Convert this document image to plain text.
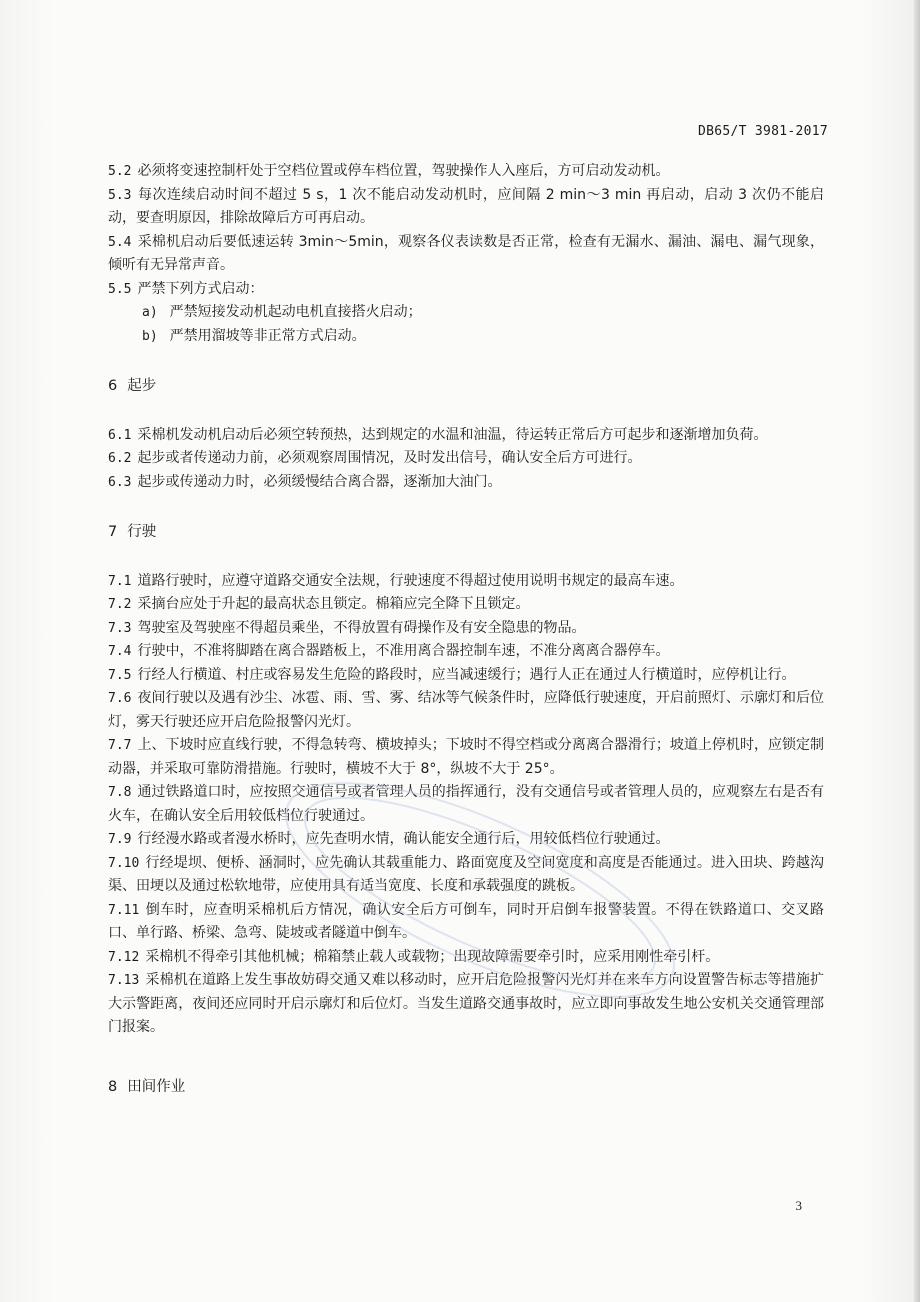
DB65/T 3981-2017

5.2 必须将变速控制杆处于空档位置或停车档位置，驾驶操作人入座后，方可启动发动机。

5.3 每次连续启动时间不超过 5 s，1 次不能启动发动机时，应间隔 2 min～3 min 再启动，启动 3 次仍不能启动，要查明原因，排除故障后方可再启动。

5.4 采棉机启动后要低速运转 3min～5min，观察各仪表读数是否正常，检查有无漏水、漏油、漏电、漏气现象，倾听有无异常声音。

5.5 严禁下列方式启动：

a) 严禁短接发动机起动电机直接搭火启动；

b) 严禁用溜坡等非正常方式启动。

6 起步

6.1 采棉机发动机启动后必须空转预热，达到规定的水温和油温，待运转正常后方可起步和逐渐增加负荷。

6.2 起步或者传递动力前，必须观察周围情况，及时发出信号，确认安全后方可进行。

6.3 起步或传递动力时，必须缓慢结合离合器，逐渐加大油门。

7 行驶

7.1 道路行驶时，应遵守道路交通安全法规，行驶速度不得超过使用说明书规定的最高车速。

7.2 采摘台应处于升起的最高状态且锁定。棉箱应完全降下且锁定。

7.3 驾驶室及驾驶座不得超员乘坐，不得放置有碍操作及有安全隐患的物品。

7.4 行驶中，不准将脚踏在离合器踏板上，不准用离合器控制车速，不准分离离合器停车。

7.5 行经人行横道、村庄或容易发生危险的路段时，应当减速缓行；遇行人正在通过人行横道时，应停机让行。

7.6 夜间行驶以及遇有沙尘、冰雹、雨、雪、雾、结冰等气候条件时，应降低行驶速度，开启前照灯、示廓灯和后位灯，雾天行驶还应开启危险报警闪光灯。

7.7 上、下坡时应直线行驶，不得急转弯、横坡掉头；下坡时不得空档或分离离合器滑行；坡道上停机时，应锁定制动器，并采取可靠防滑措施。行驶时，横坡不大于 8°，纵坡不大于 25°。

7.8 通过铁路道口时，应按照交通信号或者管理人员的指挥通行，没有交通信号或者管理人员的，应观察左右是否有火车，在确认安全后用较低档位行驶通过。

7.9 行经漫水路或者漫水桥时，应先查明水情，确认能安全通行后，用较低档位行驶通过。

7.10 行经堤坝、便桥、涵洞时，应先确认其载重能力、路面宽度及空间宽度和高度是否能通过。进入田块、跨越沟渠、田埂以及通过松软地带，应使用具有适当宽度、长度和承载强度的跳板。

7.11 倒车时，应查明采棉机后方情况，确认安全后方可倒车，同时开启倒车报警装置。不得在铁路道口、交叉路口、单行路、桥梁、急弯、陡坡或者隧道中倒车。

7.12 采棉机不得牵引其他机械；棉箱禁止载人或载物；出现故障需要牵引时，应采用刚性牵引杆。

7.13 采棉机在道路上发生事故妨碍交通又难以移动时，应开启危险报警闪光灯并在来车方向设置警告标志等措施扩大示警距离，夜间还应同时开启示廓灯和后位灯。当发生道路交通事故时，应立即向事故发生地公安机关交通管理部门报案。

8 田间作业

3
